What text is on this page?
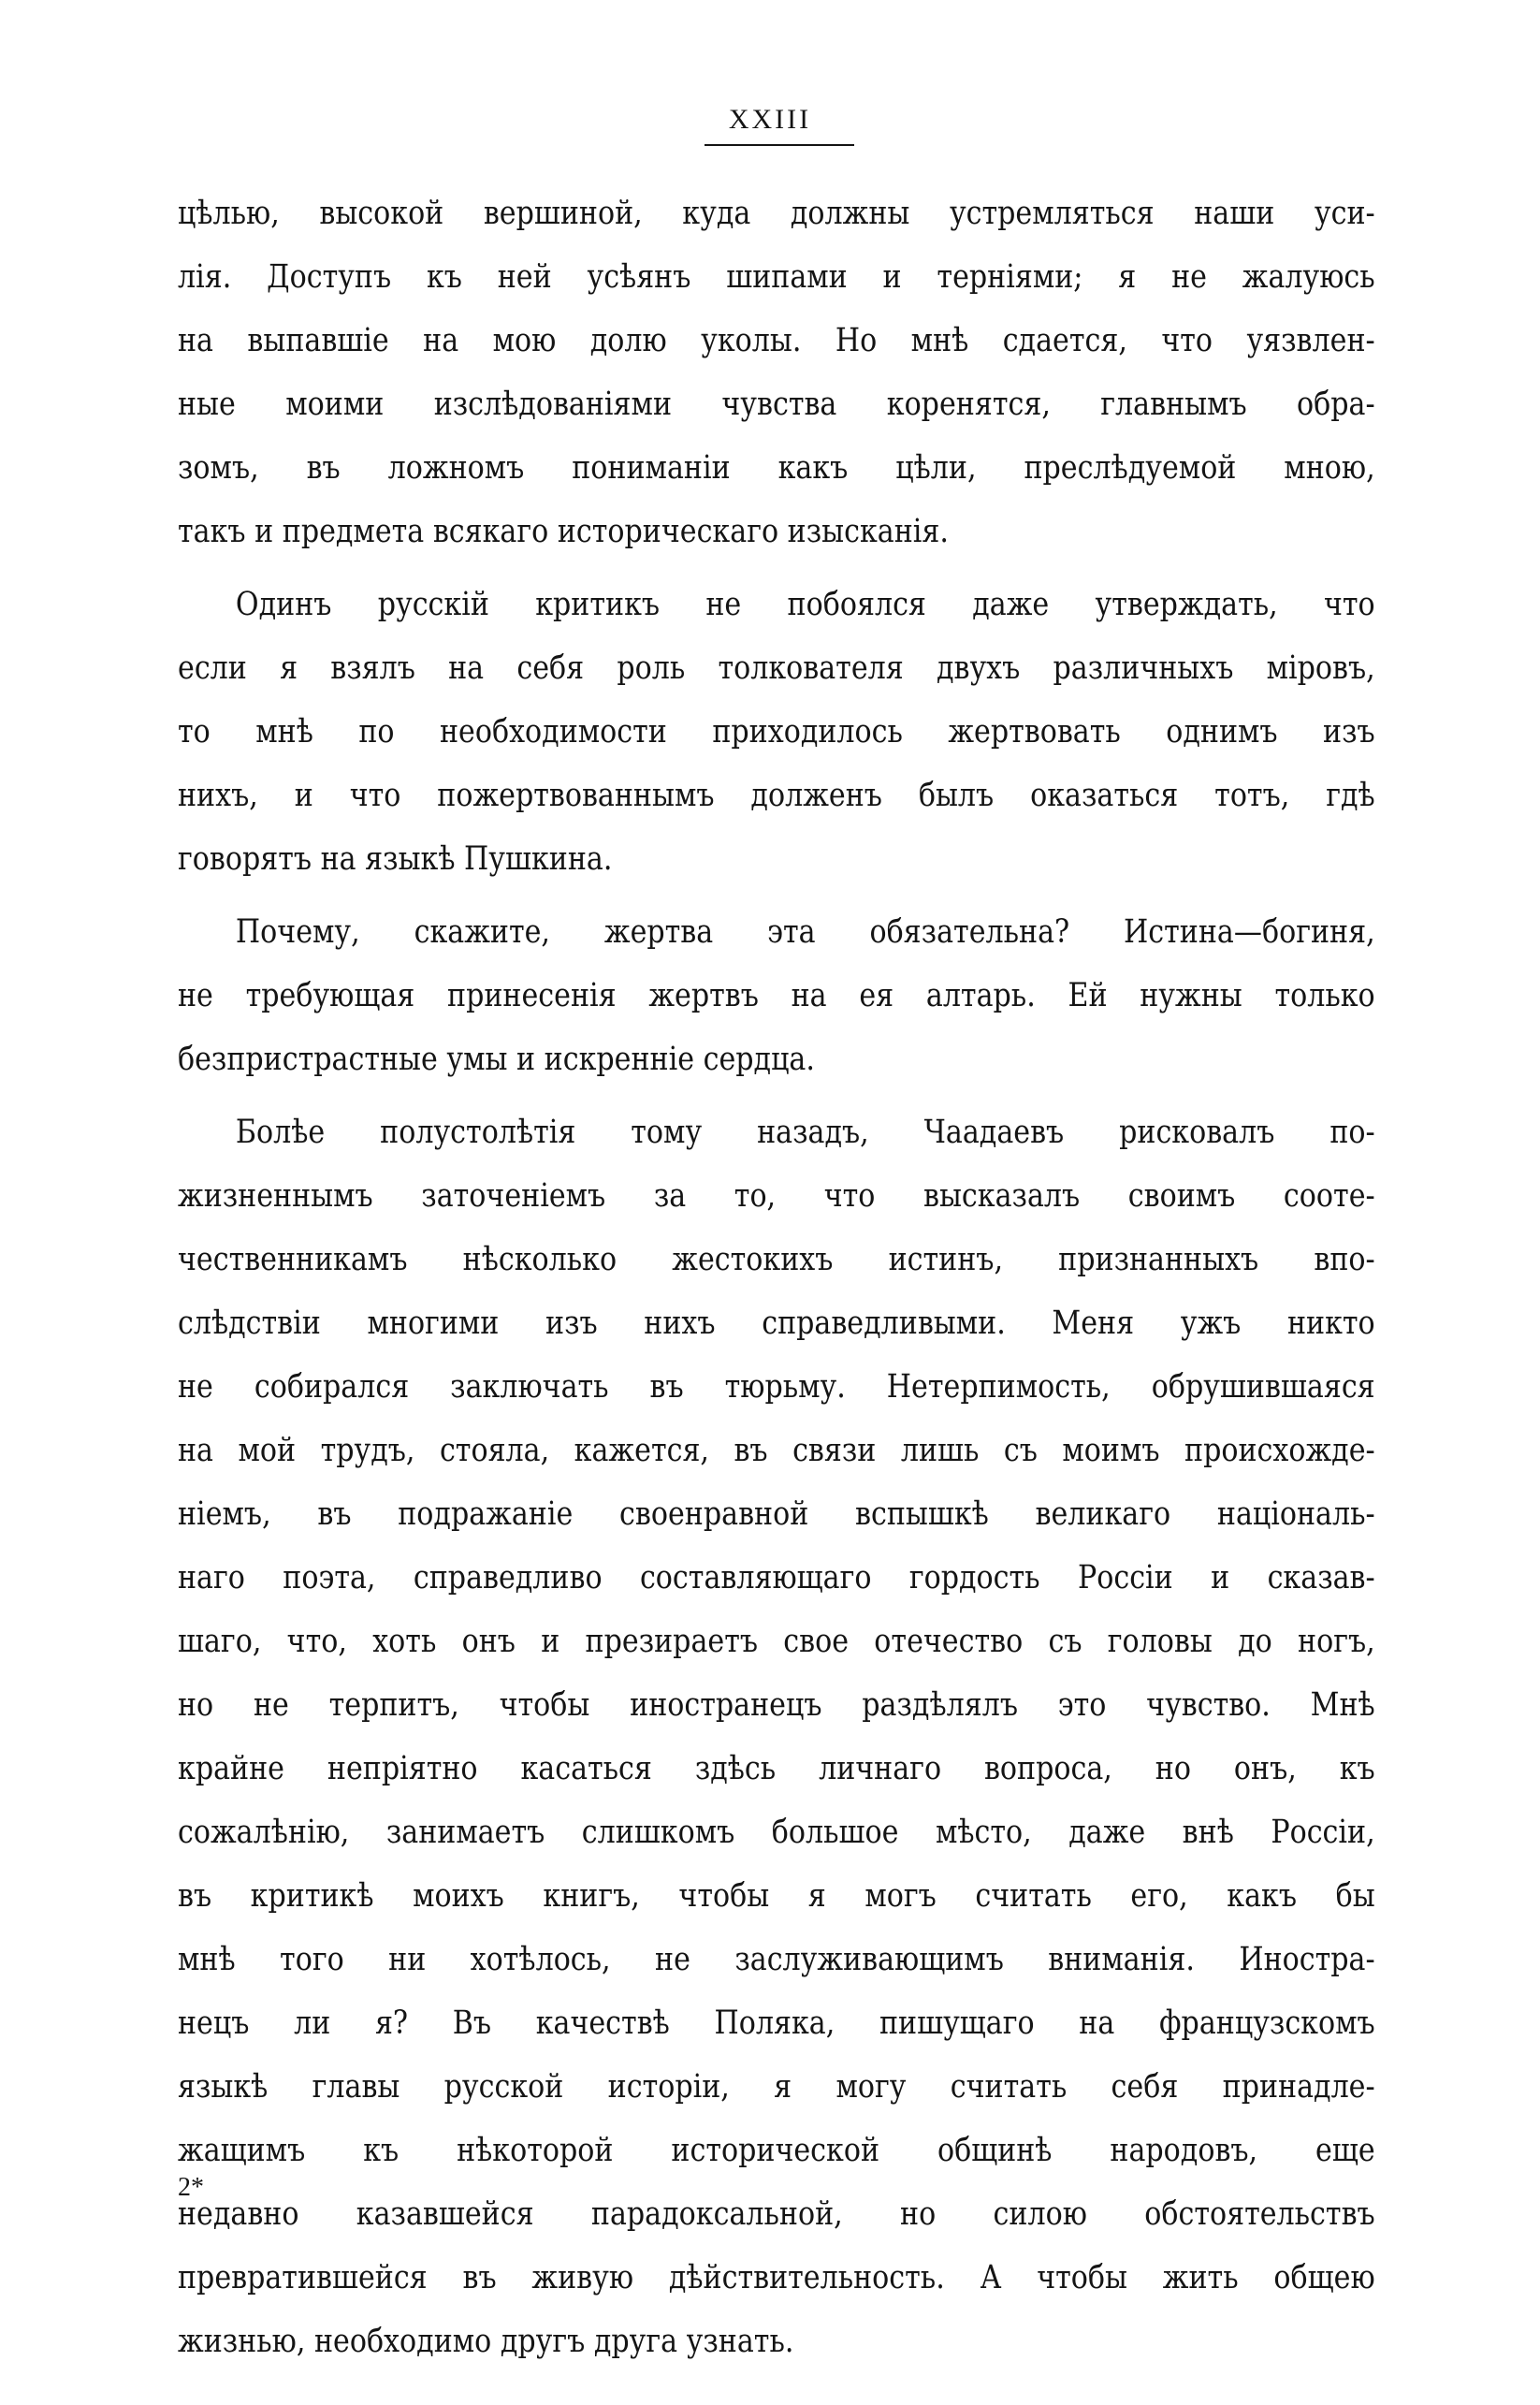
XXIII
цѣлью, высокой вершиной, куда должны устремляться наши уси-
лія. Доступъ къ ней усѣянъ шипами и терніями; я не жалуюсь
на выпавшіе на мою долю уколы. Но мнѣ сдается, что уязвлен-
ные моими изслѣдованіями чувства коренятся, главнымъ обра-
зомъ, въ ложномъ пониманіи какъ цѣли, преслѣдуемой мною,
такъ и предмета всякаго историческаго изысканія.
Одинъ русскій критикъ не побоялся даже утверждать, что
если я взялъ на себя роль толкователя двухъ различныхъ міровъ,
то мнѣ по необходимости приходилось жертвовать однимъ изъ
нихъ, и что пожертвованнымъ долженъ былъ оказаться тотъ, гдѣ
говорятъ на языкѣ Пушкина.
Почему, скажите, жертва эта обязательна? Истина—богиня,
не требующая принесенія жертвъ на ея алтарь. Ей нужны только
безпристрастные умы и искренніе сердца.
Болѣе полустолѣтія тому назадъ, Чаадаевъ рисковалъ по-
жизненнымъ заточеніемъ за то, что высказалъ своимъ соотe-
чественникамъ нѣсколько жестокихъ истинъ, признанныхъ впо-
слѣдствіи многими изъ нихъ справедливыми. Меня ужъ никто
не собирался заключать въ тюрьму. Нетерпимость, обрушившаяся
на мой трудъ, стояла, кажется, въ связи лишь съ моимъ происхожде-
ніемъ, въ подражаніе своенравной вспышкѣ великаго національ-
наго поэта, справедливо составляющаго гордость Россіи и сказав-
шаго, что, хоть онъ и презираетъ свое отечество съ головы до ногъ,
но не терпитъ, чтобы иностранецъ раздѣлялъ это чувство. Мнѣ
крайне непріятно касаться здѣсь личнаго вопроса, но онъ, къ
сожалѣнію, занимаетъ слишкомъ большое мѣсто, даже внѣ Россіи,
въ критикѣ моихъ книгъ, чтобы я могъ считать его, какъ бы
мнѣ того ни хотѣлось, не заслуживающимъ вниманія. Иностра-
нецъ ли я? Въ качествѣ Поляка, пишущаго на французскомъ
языкѣ главы русской исторіи, я могу считать себя принадле-
жащимъ къ нѣкоторой исторической общинѣ народовъ, еще
недавно казавшейся парадоксальной, но силою обстоятельствъ
превратившейся въ живую дѣйствительность. А чтобы жить общею
жизнью, необходимо другъ друга узнать.
2*
